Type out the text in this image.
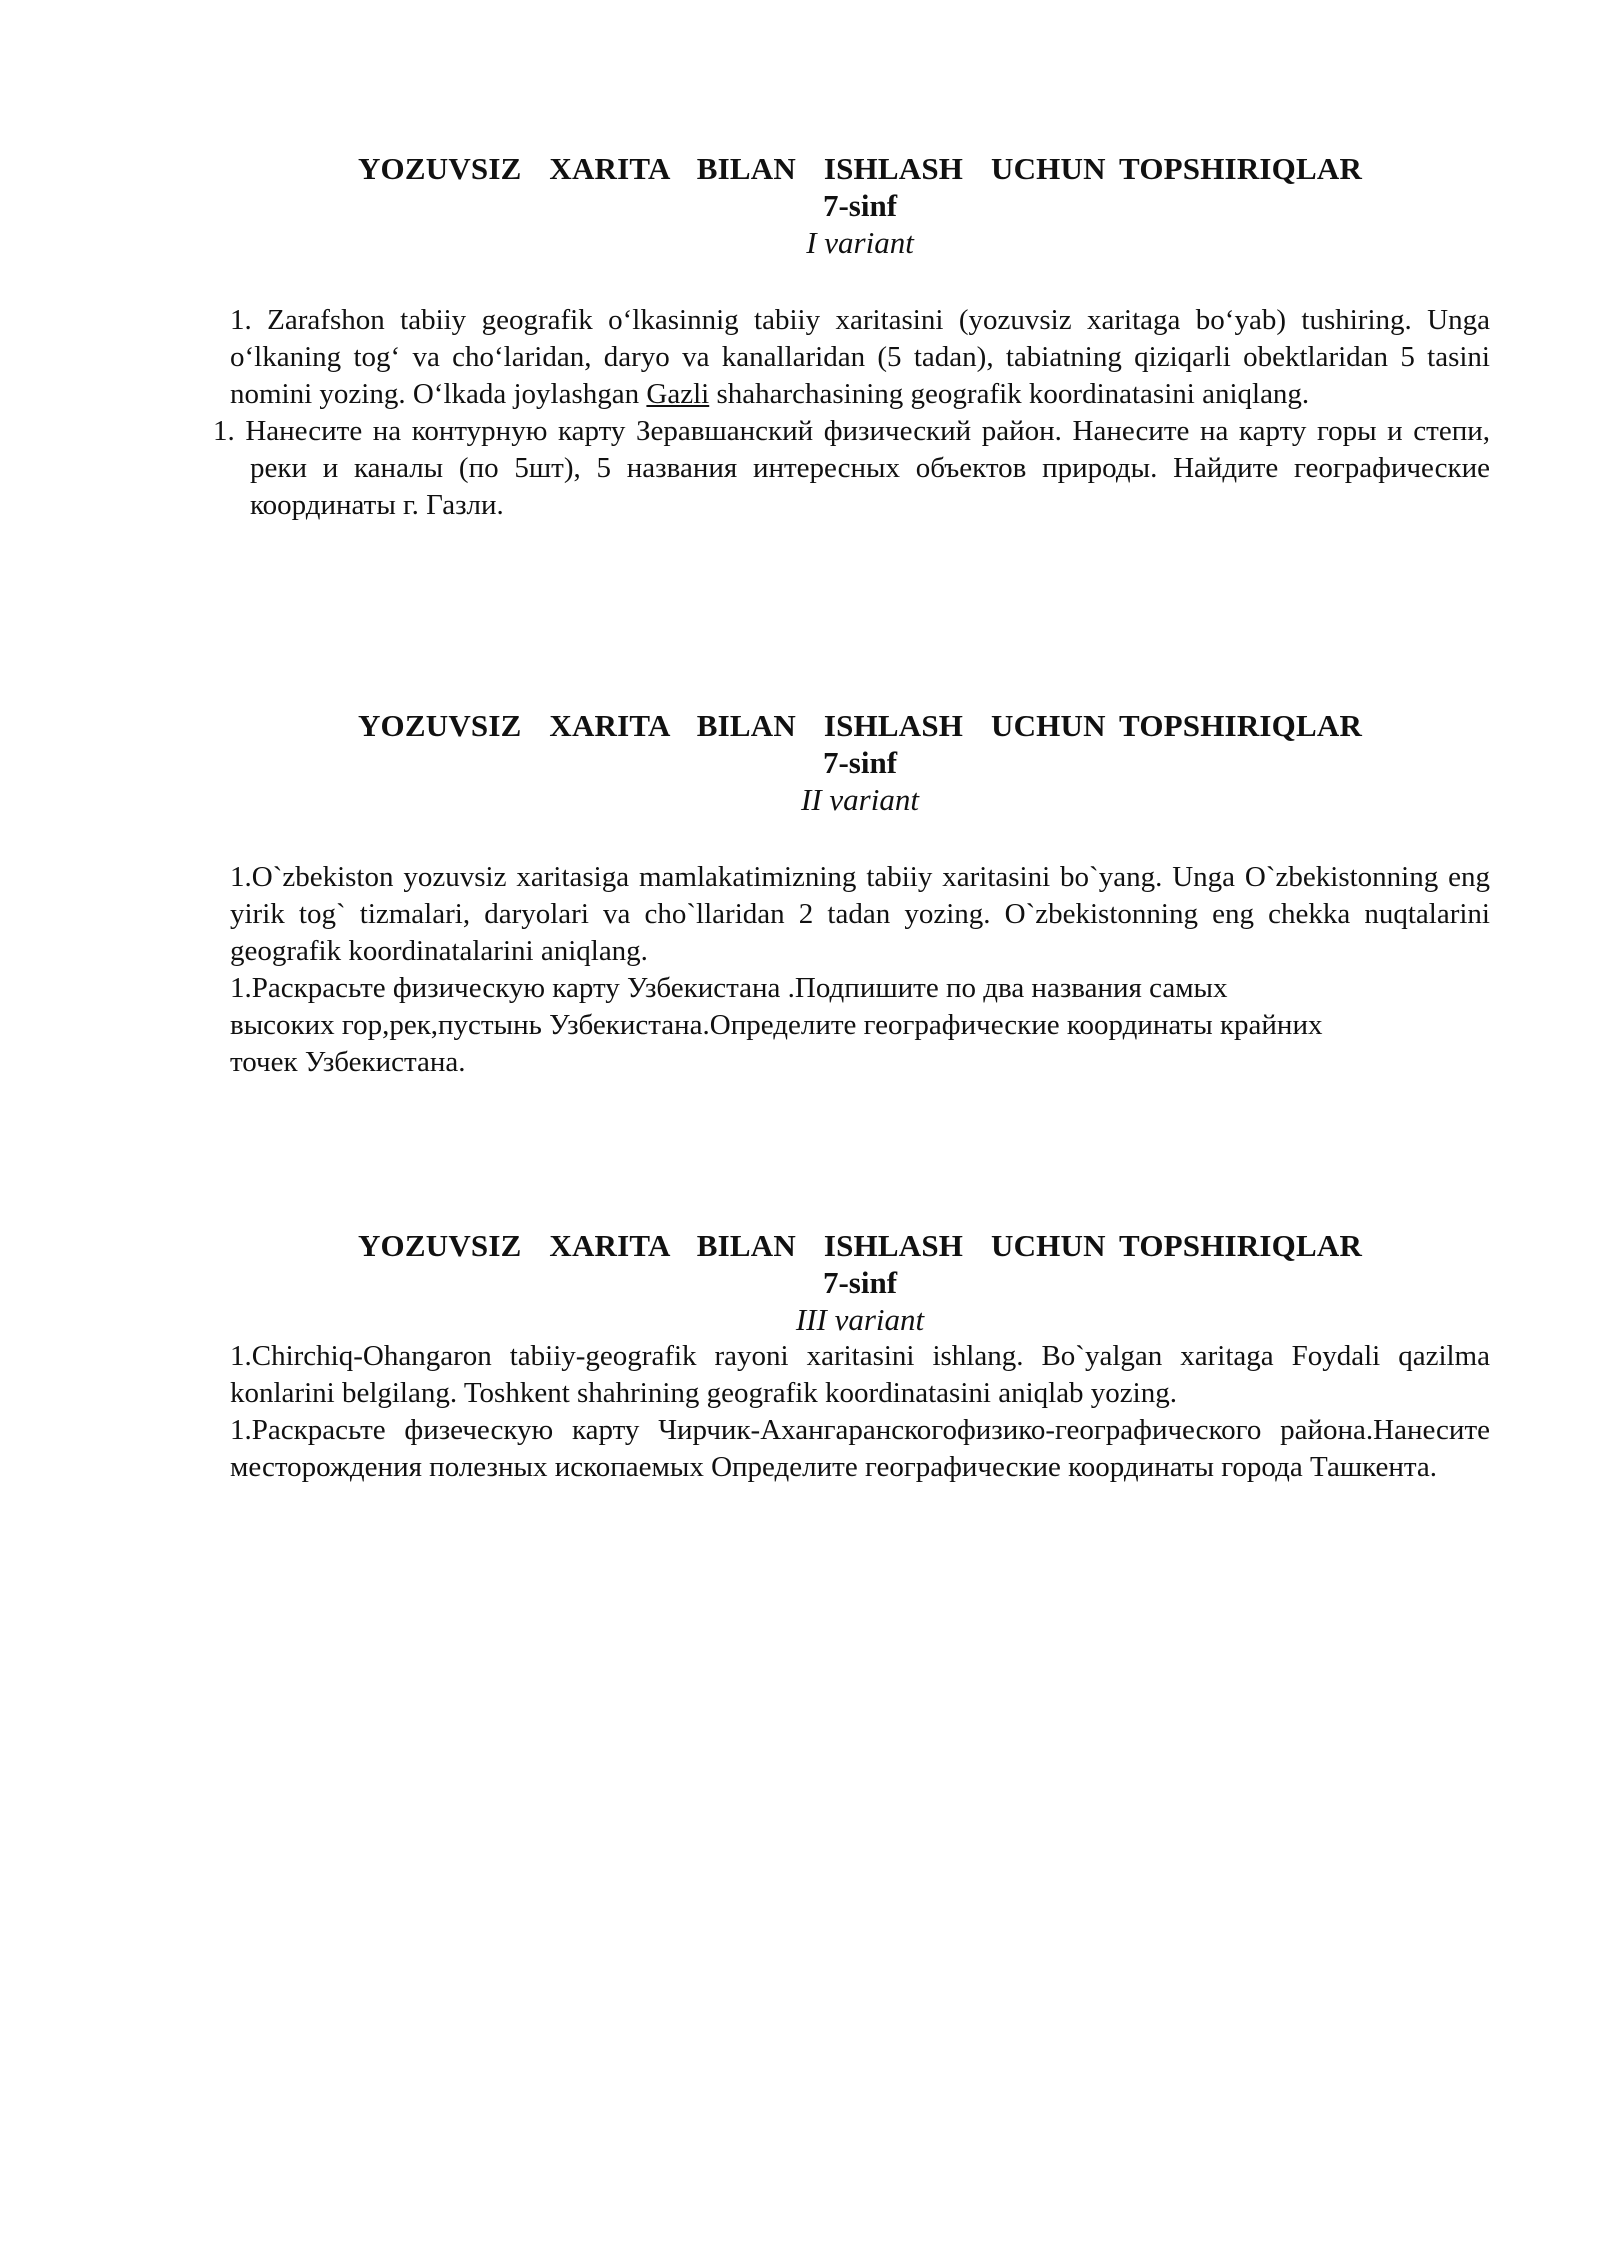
YOZUVSIZ  XARITA  BILAN  ISHLASH  UCHUN TOPSHIRIQLAR
7-sinf
I variant

1. Zarafshon tabiiy geografik o‘lkasinnig tabiiy xaritasini (yozuvsiz xaritaga bo‘yab) tushiring. Unga o‘lkaning tog‘ va cho‘laridan, daryo va kanallaridan (5 tadan), tabiatning qiziqarli obektlaridan 5 tasini nomini yozing. O‘lkada joylashgan Gazli shaharchasining geografik koordinatasini aniqlang.

1. Нанесите на контурную карту Зеравшанский физический район. Нанесите на карту горы и степи, реки и каналы (по 5шт), 5 названия интересных объектов природы. Найдите географические координаты г. Газли.

YOZUVSIZ  XARITA  BILAN  ISHLASH  UCHUN TOPSHIRIQLAR
7-sinf
II variant

1.O`zbekiston yozuvsiz xaritasiga mamlakatimizning tabiiy xaritasini bo`yang. Unga O`zbekistonning eng yirik tog` tizmalari, daryolari va cho`llaridan 2 tadan yozing. O`zbekistonning eng chekka nuqtalarini geografik koordinatalarini aniqlang.

1.Раскрасьте физическую карту Узбекистана .Подпишите по два названия самых
высоких гор,рек,пустынь Узбекистана.Определите географические координаты крайних
точек Узбекистана.
YOZUVSIZ  XARITA  BILAN  ISHLASH  UCHUN TOPSHIRIQLAR
7-sinf
III variant

1.Chirchiq-Ohangaron tabiiy-geografik rayoni xaritasini ishlang. Bo`yalgan xaritaga Foydali qazilma konlarini belgilang. Toshkent shahrining geografik koordinatasini aniqlab yozing.

1.Раскрасьте физеческую карту Чирчик-Ахангаранскогофизико-географического района.Нанесите месторождения полезных ископаемых Определите географические координаты города Ташкента.
